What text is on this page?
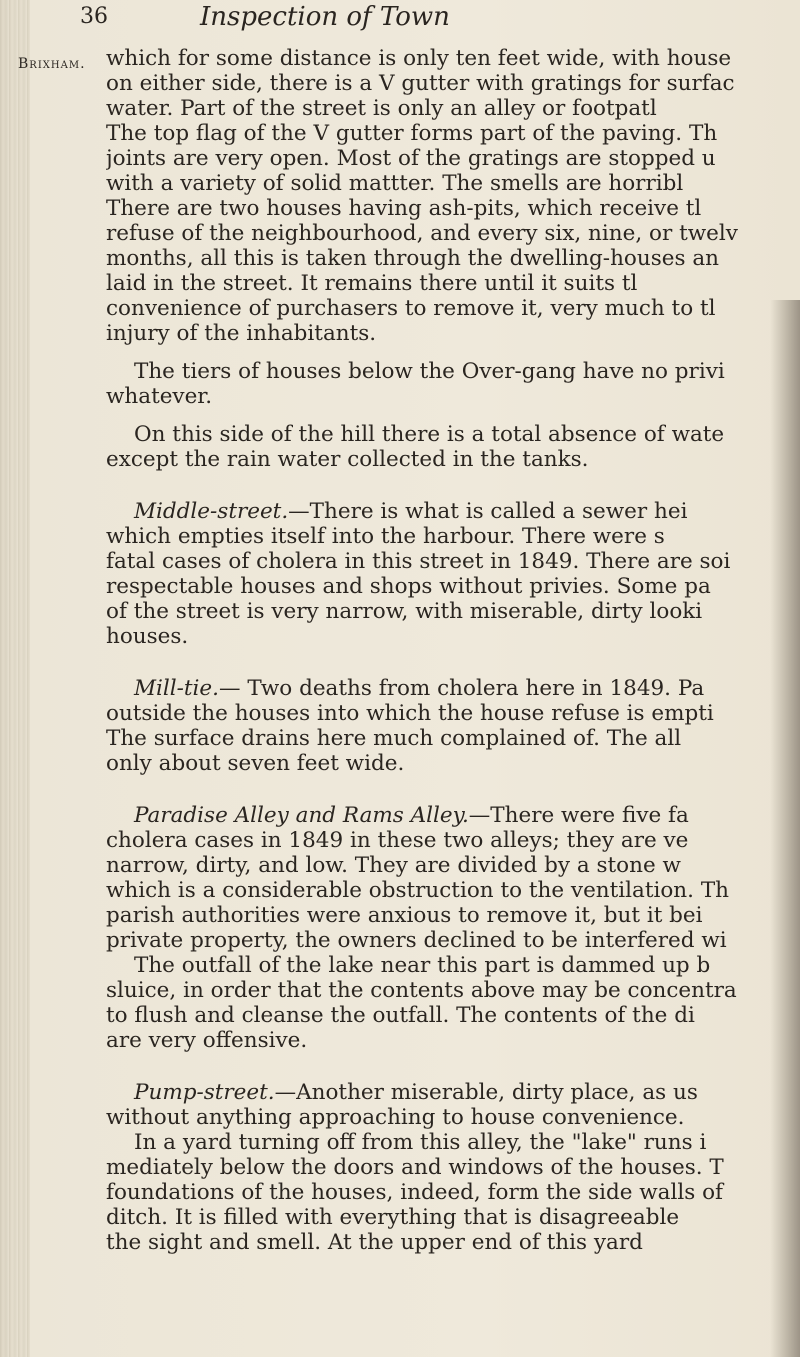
36	Inspection of Town
Brixham. which for some distance is only ten feet wide, with house
on either side, there is a V gutter with gratings for surfac
water. Part of the street is only an alley or footpatl
The top flag of the V gutter forms part of the paving. Th
joints are very open. Most of the gratings are stopped u
with a variety of solid mattter. The smells are horribl
There are two houses having ash-pits, which receive tl
refuse of the neighbourhood, and every six, nine, or twelv
months, all this is taken through the dwelling-houses an
laid in the street. It remains there until it suits tl
convenience of purchasers to remove it, very much to tl
injury of the inhabitants.
The tiers of houses below the Over-gang have no privi
whatever.
On this side of the hill there is a total absence of wate
except the rain water collected in the tanks.
Middle-street.—There is what is called a sewer hei
which empties itself into the harbour. There were s
fatal cases of cholera in this street in 1849. There are soi
respectable houses and shops without privies. Some pa
of the street is very narrow, with miserable, dirty looki
houses.
Mill-tie.— Two deaths from cholera here in 1849. Pa
outside the houses into which the house refuse is empti
The surface drains here much complained of. The all
only about seven feet wide.
Paradise Alley and Rams Alley.—There were five fa
cholera cases in 1849 in these two alleys; they are ve
narrow, dirty, and low. They are divided by a stone w
which is a considerable obstruction to the ventilation. Th
parish authorities were anxious to remove it, but it bei
private property, the owners declined to be interfered wi
The outfall of the lake near this part is dammed up b
sluice, in order that the contents above may be concentra
to flush and cleanse the outfall. The contents of the di
are very offensive.
Pump-street.—Another miserable, dirty place, as us
without anything approaching to house convenience.
In a yard turning off from this alley, the "lake" runs i
mediately below the doors and windows of the houses. T
foundations of the houses, indeed, form the side walls of
ditch. It is filled with everything that is disagreeable
the sight and smell. At the upper end of this yard
